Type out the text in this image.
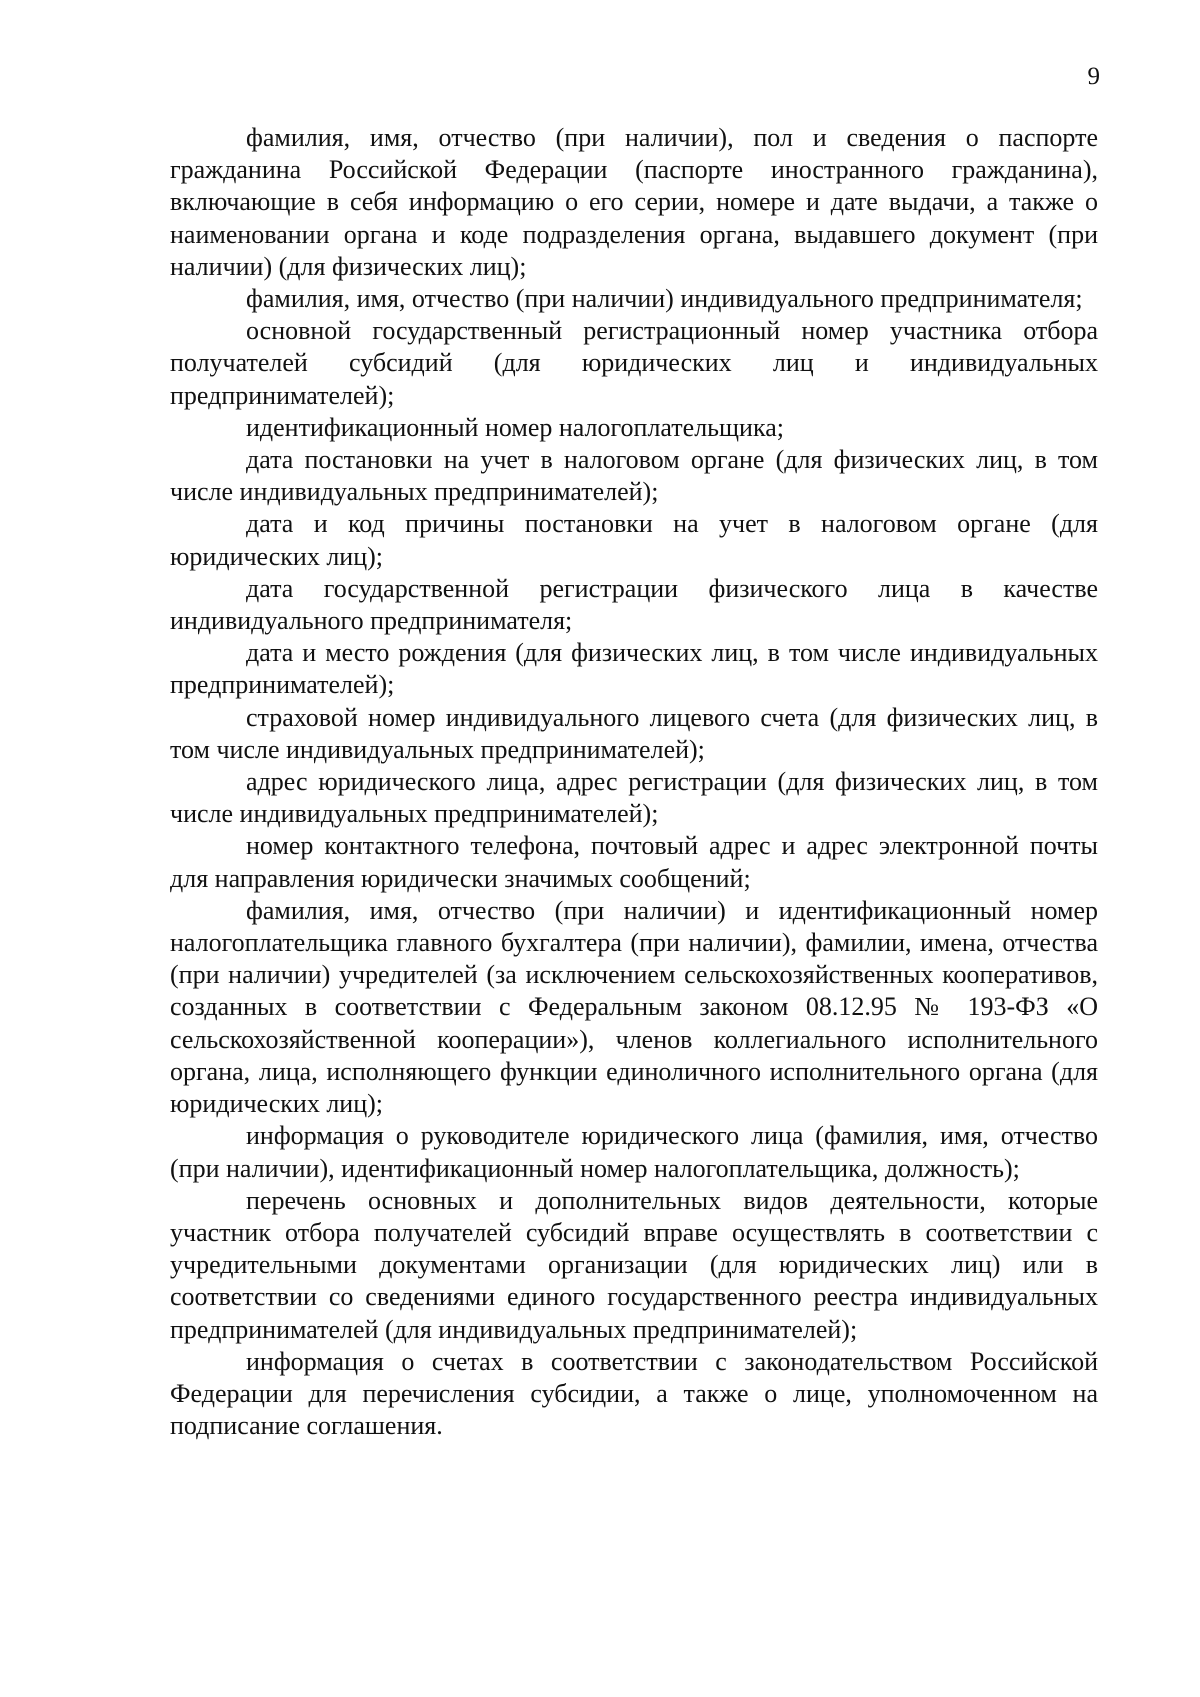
9

фамилия, имя, отчество (при наличии), пол и сведения о паспорте гражданина Российской Федерации (паспорте иностранного гражданина), включающие в себя информацию о его серии, номере и дате выдачи, а также о наименовании органа и коде подразделения органа, выдавшего документ (при наличии) (для физических лиц);

фамилия, имя, отчество (при наличии) индивидуального предпринимателя;

основной государственный регистрационный номер участника отбора получателей субсидий (для юридических лиц и индивидуальных предпринимателей);

идентификационный номер налогоплательщика;

дата постановки на учет в налоговом органе (для физических лиц, в том числе индивидуальных предпринимателей);

дата и код причины постановки на учет в налоговом органе (для юридических лиц);

дата государственной регистрации физического лица в качестве индивидуального предпринимателя;

дата и место рождения (для физических лиц, в том числе индивидуальных предпринимателей);

страховой номер индивидуального лицевого счета (для физических лиц, в том числе индивидуальных предпринимателей);

адрес юридического лица, адрес регистрации (для физических лиц, в том числе индивидуальных предпринимателей);

номер контактного телефона, почтовый адрес и адрес электронной почты для направления юридически значимых сообщений;

фамилия, имя, отчество (при наличии) и идентификационный номер налогоплательщика главного бухгалтера (при наличии), фамилии, имена, отчества (при наличии) учредителей (за исключением сельскохозяйственных кооперативов, созданных в соответствии с Федеральным законом 08.12.95 № 193-ФЗ «О сельскохозяйственной кооперации»), членов коллегиального исполнительного органа, лица, исполняющего функции единоличного исполнительного органа (для юридических лиц);

информация о руководителе юридического лица (фамилия, имя, отчество (при наличии), идентификационный номер налогоплательщика, должность);

перечень основных и дополнительных видов деятельности, которые участник отбора получателей субсидий вправе осуществлять в соответствии с учредительными документами организации (для юридических лиц) или в соответствии со сведениями единого государственного реестра индивидуальных предпринимателей (для индивидуальных предпринимателей);

информация о счетах в соответствии с законодательством Российской Федерации для перечисления субсидии, а также о лице, уполномоченном на подписание соглашения.
